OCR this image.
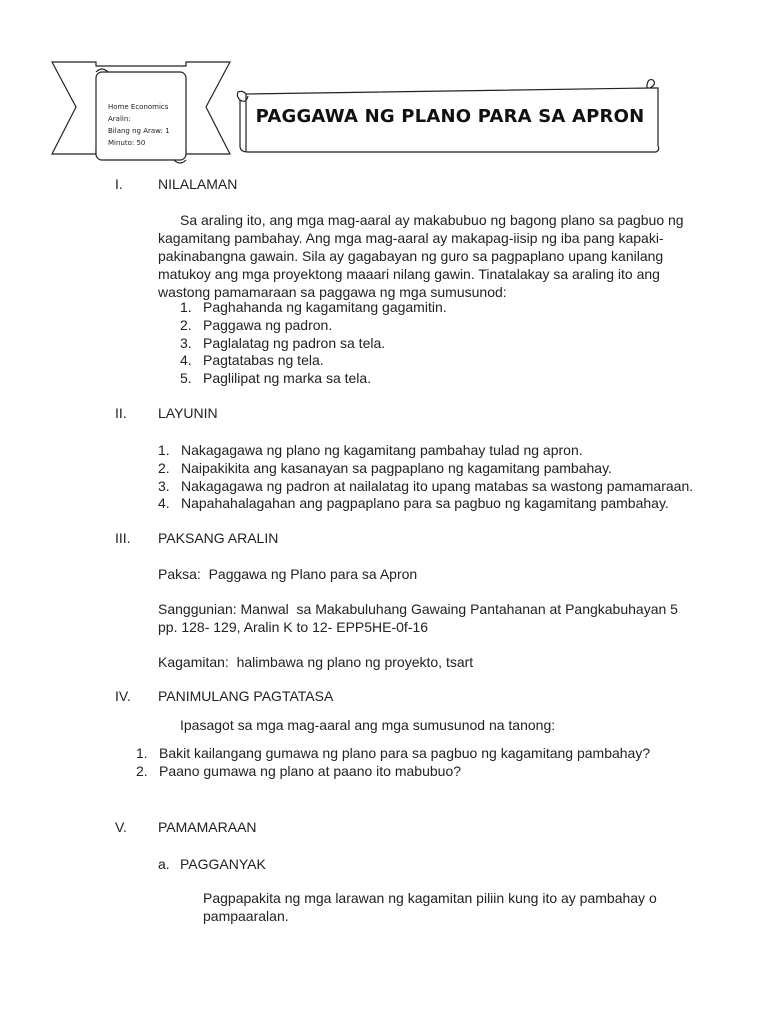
Home Economics
Aralin:
Bilang ng Araw: 1
Minuto: 50
PAGGAWA NG PLANO PARA SA APRON
I.	NILALAMAN
Sa araling ito, ang mga mag-aaral ay makabubuo ng bagong plano sa pagbuo ng kagamitang pambahay. Ang mga mag-aaral ay makapag-iisip ng iba pang kapaki-pakinabangna gawain. Sila ay gagabayan ng guro sa pagpaplano upang kanilang matukoy ang mga proyektong maaari nilang gawin. Tinatalakay sa araling ito ang wastong pamamaraan sa paggawa ng mga sumusunod:
1. Paghahanda ng kagamitang gagamitin.
2. Paggawa ng padron.
3. Paglalatag ng padron sa tela.
4. Pagtatabas ng tela.
5. Paglilipat ng marka sa tela.
II. LAYUNIN
1. Nakagagawa ng plano ng kagamitang pambahay tulad ng apron.
2. Naipakikita ang kasanayan sa pagpaplano ng kagamitang pambahay.
3. Nakagagawa ng padron at nailalatag ito upang matabas sa wastong pamamaraan.
4. Napahahalagahan ang pagpaplano para sa pagbuo ng kagamitang pambahay.
III. PAKSANG ARALIN
Paksa:  Paggawa ng Plano para sa Apron
Sanggunian: Manwal  sa Makabuluhang Gawaing Pantahanan at Pangkabuhayan 5
pp. 128- 129, Aralin K to 12- EPP5HE-0f-16
Kagamitan:  halimbawa ng plano ng proyekto, tsart
IV. PANIMULANG PAGTATASA
Ipasagot sa mga mag-aaral ang mga sumusunod na tanong:
1. Bakit kailangang gumawa ng plano para sa pagbuo ng kagamitang pambahay?
2. Paano gumawa ng plano at paano ito mabubuo?
V. PAMAMARAAN
a. PAGGANYAK
Pagpapakita ng mga larawan ng kagamitan piliin kung ito ay pambahay o
pampaaralan.
